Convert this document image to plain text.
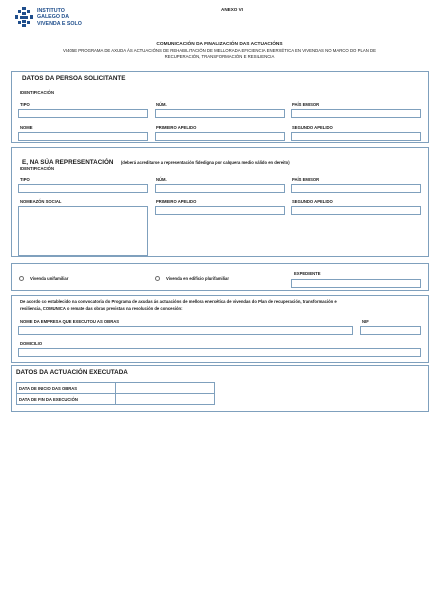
INSTITUTO
GALEGO DA
VIVENDA E SOLO
ANEXO VI
COMUNICACIÓN DA FINALIZACIÓN DAS ACTUACIÓNS
VI405E PROGRAMA DE AXUDA ÁS ACTUACIÓNS DE REHABILITACIÓN DE MELLORADA EFICIENCIA ENERXÉTICA EN VIVENDAS NO MARCO DO PLAN DE
RECUPERACIÓN, TRANSFORMACIÓN E RESILIENCIA
DATOS DA PERSOA SOLICITANTE
IDENTIFICACIÓN
TIPO	NÚM.	PAÍS EMISOR
NOME	PRIMEIRO APELIDO	SEGUNDO APELIDO
E, NA SÚA REPRESENTACIÓN (deberá acreditarse a representación fidedigna por calquera medio válido en dereito)
IDENTIFICACIÓN
TIPO	NÚM.	PAÍS EMISOR
NOMEAZÓN SOCIAL	PRIMEIRO APELIDO	SEGUNDO APELIDO
Vivenda unifamiliar	Vivenda en edificio plurifamiliar
EXPEDIENTE
De acordo co establecido na convocatoria do Programa de axudas ás actuacións de mellora enerxética de vivendas do Plan de recuperación, transformación e
resiliencia, COMUNICA o remate das obras previstas na resolución de concesión:
NOME DA EMPRESA QUE EXECUTOU AS OBRAS	NIF
DOMICILIO
DATOS DA ACTUACIÓN EXECUTADA
DATA DE INICIO DAS OBRAS	
DATA DE FIN DA EXECUCIÓN	
